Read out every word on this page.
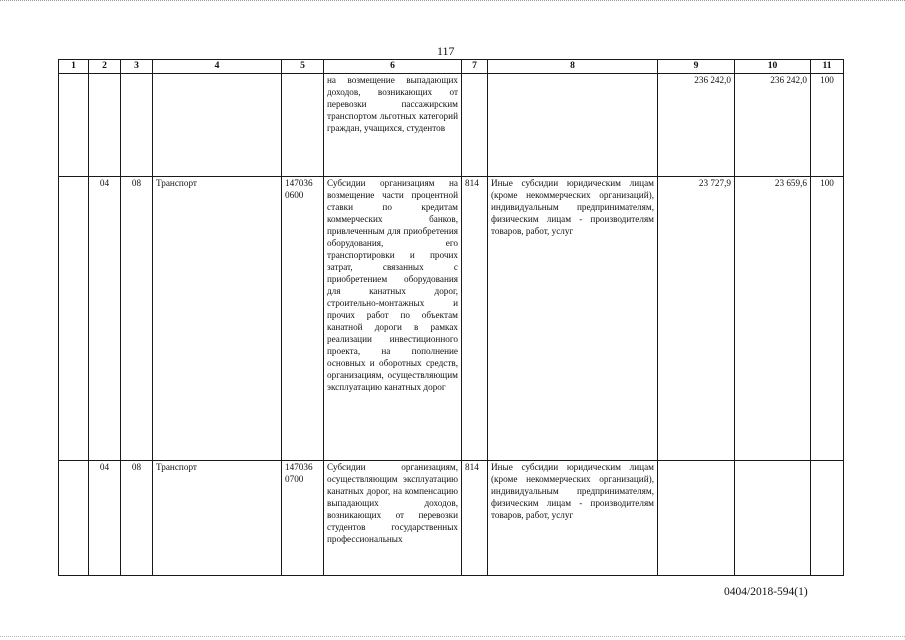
117
1	2	3	4	5	6	7	8	9	10	11
					на возмещение выпадающих доходов, возникающих от перевозки пассажирским транспортом льготных категорий граждан, учащихся, студентов			236 242,0	236 242,0	100
	04	08	Транспорт	147036 0600	Субсидии организациям на возмещение части процентной ставки по кредитам коммерческих банков, привлеченным для приобретения оборудования, его транспортировки и прочих затрат, связанных с приобретением оборудования для канатных дорог, строительно-монтажных и прочих работ по объектам канатной дороги в рамках реализации инвестиционного проекта, на пополнение основных и оборотных средств, организациям, осуществляющим эксплуатацию канатных дорог	814	Иные субсидии юридическим лицам (кроме некоммерческих организаций), индивидуальным предпринимателям, физическим лицам - производителям товаров, работ, услуг	23 727,9	23 659,6	100
	04	08	Транспорт	147036 0700	Субсидии организациям, осуществляющим эксплуатацию канатных дорог, на компенсацию выпадающих доходов, возникающих от перевозки студентов государственных профессиональных	814	Иные субсидии юридическим лицам (кроме некоммерческих организаций), индивидуальным предпринимателям, физическим лицам - производителям товаров, работ, услуг			
0404/2018-594(1)
